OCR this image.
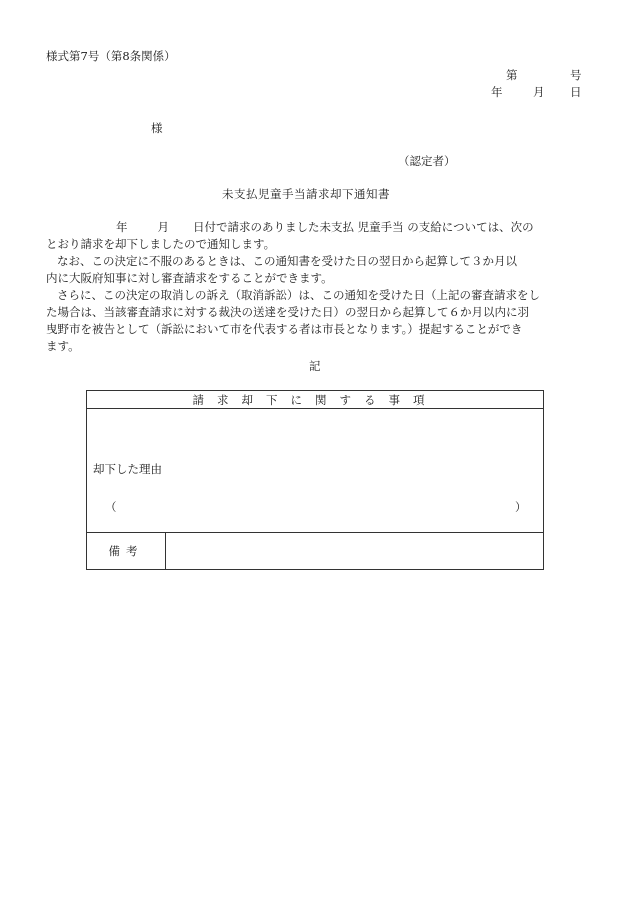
様式第7号（第8条関係）
第	号
年	月 日
様
（認定者）
未支払児童手当請求却下通知書
年	月 日付で請求のありました未支払 児童手当 の支給については、次の
とおり請求を却下しましたので通知します。
なお、この決定に不服のあるときは、この通知書を受けた日の翌日から起算して３か月以
内に大阪府知事に対し審査請求をすることができます。
さらに、この決定の取消しの訴え（取消訴訟）は、この通知を受けた日（上記の審査請求をし
た場合は、当該審査請求に対する裁決の送達を受けた日）の翌日から起算して６か月以内に羽
曳野市を被告として（訴訟において市を代表する者は市長となります。）提起することができ
ます。
記
請求却下に関する事項

却下した理由
（	）

備考	
